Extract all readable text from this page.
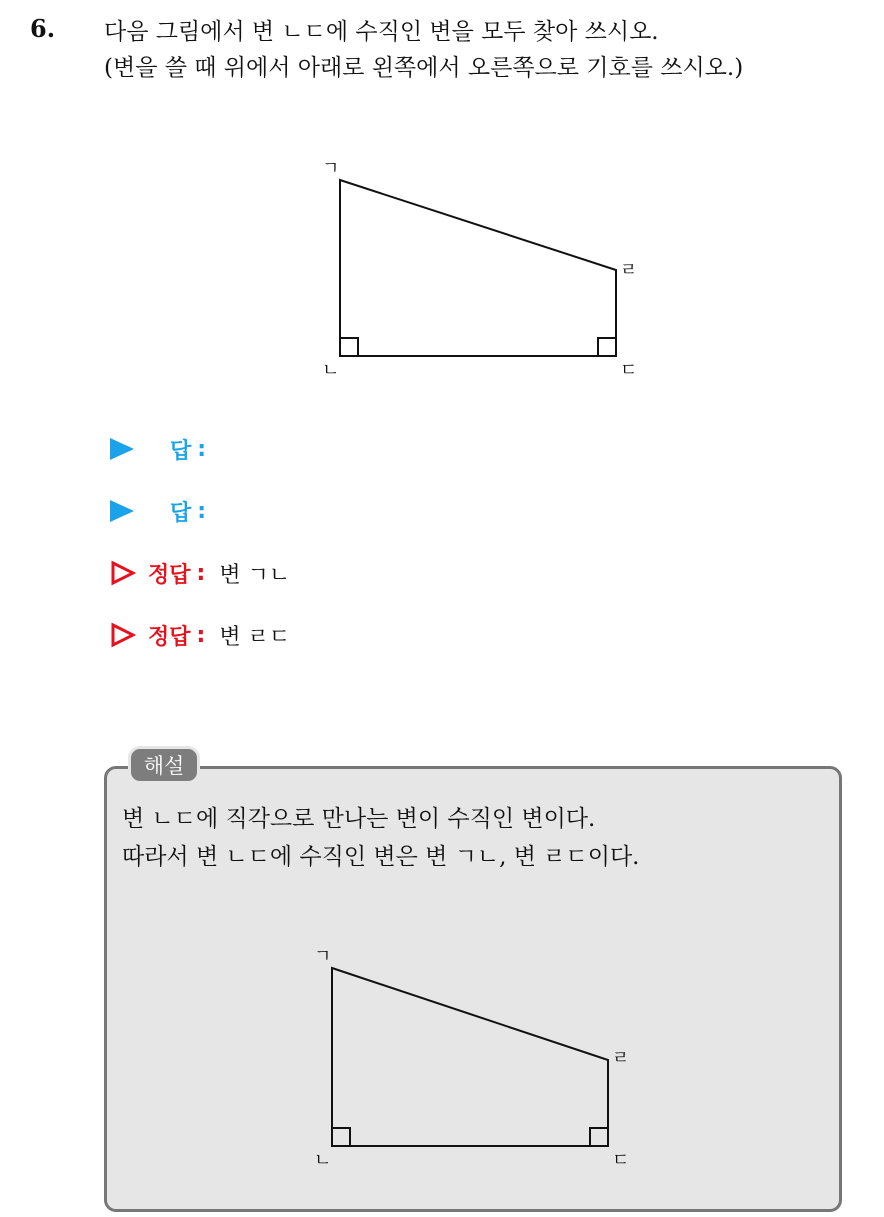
6. 다음 그림에서 변 ㄴㄷ에 수직인 변을 모두 찾아 쓰시오.
(변을 쓸 때 위에서 아래로 왼쪽에서 오른쪽으로 기호를 쓰시오.)
ㄱ
ㄹ
ㄴ	ㄷ
답 :
답 :
정답 : 변 ㄱㄴ
정답 : 변 ㄹㄷ
해설
변 ㄴㄷ에 직각으로 만나는 변이 수직인 변이다.
따라서 변 ㄴㄷ에 수직인 변은 변 ㄱㄴ, 변 ㄹㄷ이다.
ㄱ
ㄹ
ㄴ	ㄷ
